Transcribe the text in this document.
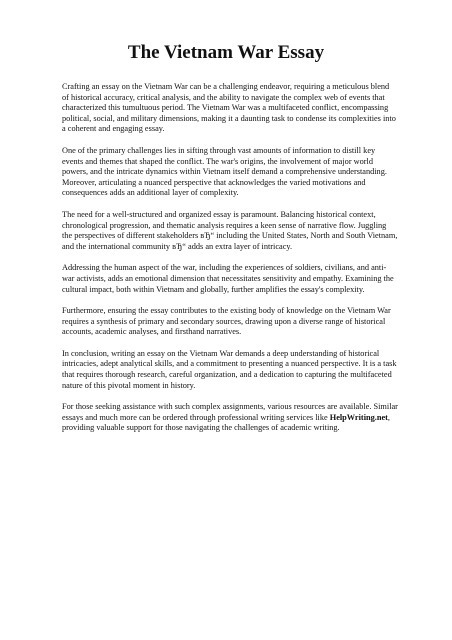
The Vietnam War Essay

Crafting an essay on the Vietnam War can be a challenging endeavor, requiring a meticulous blend of historical accuracy, critical analysis, and the ability to navigate the complex web of events that characterized this tumultuous period. The Vietnam War was a multifaceted conflict, encompassing political, social, and military dimensions, making it a daunting task to condense its complexities into a coherent and engaging essay.

One of the primary challenges lies in sifting through vast amounts of information to distill key events and themes that shaped the conflict. The war's origins, the involvement of major world powers, and the intricate dynamics within Vietnam itself demand a comprehensive understanding. Moreover, articulating a nuanced perspective that acknowledges the varied motivations and consequences adds an additional layer of complexity.

The need for a well-structured and organized essay is paramount. Balancing historical context, chronological progression, and thematic analysis requires a keen sense of narrative flow. Juggling the perspectives of different stakeholders вЂ“ including the United States, North and South Vietnam, and the international community вЂ“ adds an extra layer of intricacy.

Addressing the human aspect of the war, including the experiences of soldiers, civilians, and anti-war activists, adds an emotional dimension that necessitates sensitivity and empathy. Examining the cultural impact, both within Vietnam and globally, further amplifies the essay's complexity.

Furthermore, ensuring the essay contributes to the existing body of knowledge on the Vietnam War requires a synthesis of primary and secondary sources, drawing upon a diverse range of historical accounts, academic analyses, and firsthand narratives.

In conclusion, writing an essay on the Vietnam War demands a deep understanding of historical intricacies, adept analytical skills, and a commitment to presenting a nuanced perspective. It is a task that requires thorough research, careful organization, and a dedication to capturing the multifaceted nature of this pivotal moment in history.

For those seeking assistance with such complex assignments, various resources are available. Similar essays and much more can be ordered through professional writing services like HelpWriting.net, providing valuable support for those navigating the challenges of academic writing.
